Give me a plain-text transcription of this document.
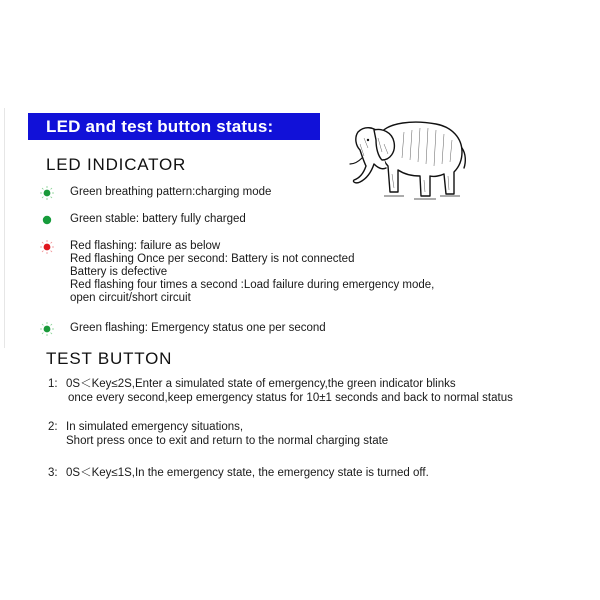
LED and test button status:
LED INDICATOR
Green breathing pattern:charging mode
Green stable: battery fully charged
Red flashing: failure as below
Red flashing Once per second: Battery is not connected
Battery is defective
Red flashing four times a second :Load failure during emergency mode,
open circuit/short circuit
Green flashing: Emergency status one per second
TEST BUTTON
1: 0S＜Key≤2S,Enter a simulated state of emergency,the green indicator blinks
once every second,keep emergency status for 10±1 seconds and back to normal status
2: In simulated emergency situations,
Short press once to exit and return to the normal charging state
3: 0S＜Key≤1S,In the emergency state, the emergency state is turned off.
